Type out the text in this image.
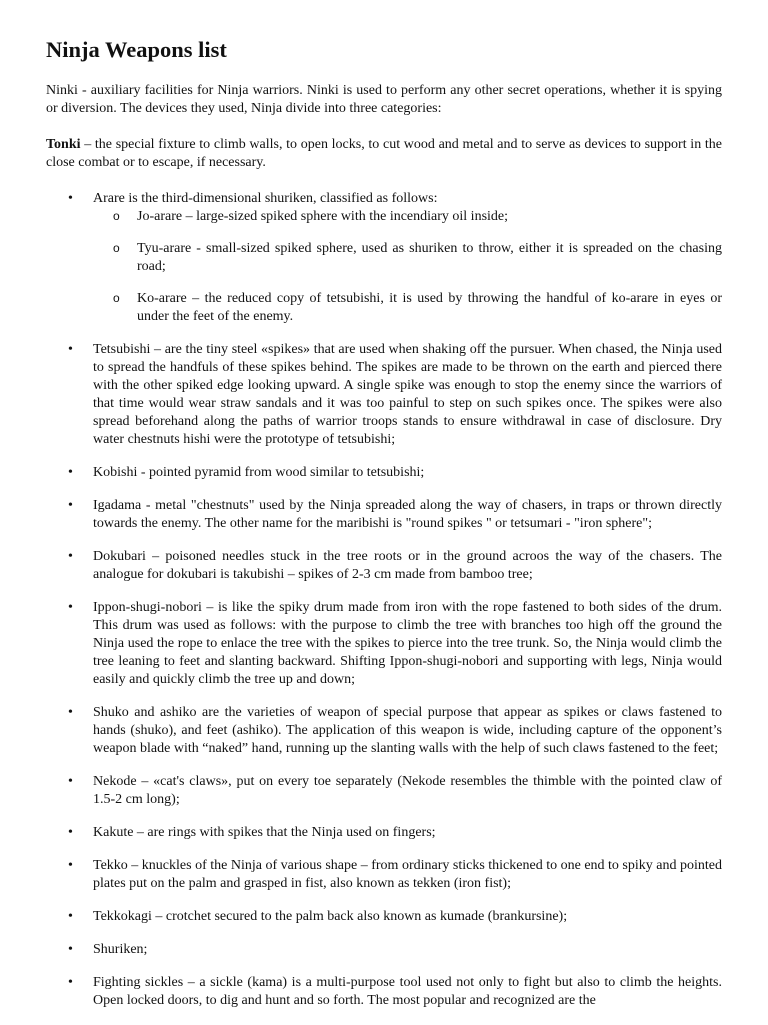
Ninja Weapons list

Ninki - auxiliary facilities for Ninja warriors. Ninki is used to perform any other secret operations, whether it is spying or diversion. The devices they used, Ninja divide into three categories:

Tonki – the special fixture to climb walls, to open locks, to cut wood and metal and to serve as devices to support in the close combat or to escape, if necessary.

• Arare is the third-dimensional shuriken, classified as follows:
o Jo-arare – large-sized spiked sphere with the incendiary oil inside;
o Tyu-arare - small-sized spiked sphere, used as shuriken to throw, either it is spreaded on the chasing road;
o Ko-arare – the reduced copy of tetsubishi, it is used by throwing the handful of ko-arare in eyes or under the feet of the enemy.
• Tetsubishi – are the tiny steel «spikes» that are used when shaking off the pursuer. When chased, the Ninja used to spread the handfuls of these spikes behind. The spikes are made to be thrown on the earth and pierced there with the other spiked edge looking upward. A single spike was enough to stop the enemy since the warriors of that time would wear straw sandals and it was too painful to step on such spikes once. The spikes were also spread beforehand along the paths of warrior troops stands to ensure withdrawal in case of disclosure. Dry water chestnuts hishi were the prototype of tetsubishi;
• Kobishi - pointed pyramid from wood similar to tetsubishi;
• Igadama - metal "chestnuts" used by the Ninja spreaded along the way of chasers, in traps or thrown directly towards the enemy. The other name for the maribishi is "round spikes " or tetsumari - "iron sphere";
• Dokubari – poisoned needles stuck in the tree roots or in the ground acroos the way of the chasers. The analogue for dokubari is takubishi – spikes of 2-3 cm made from bamboo tree;
• Ippon-shugi-nobori – is like the spiky drum made from iron with the rope fastened to both sides of the drum. This drum was used as follows: with the purpose to climb the tree with branches too high off the ground the Ninja used the rope to enlace the tree with the spikes to pierce into the tree trunk. So, the Ninja would climb the tree leaning to feet and slanting backward. Shifting Ippon-shugi-nobori and supporting with legs, Ninja would easily and quickly climb the tree up and down;
• Shuko and ashiko are the varieties of weapon of special purpose that appear as spikes or claws fastened to hands (shuko), and feet (ashiko). The application of this weapon is wide, including capture of the opponent’s weapon blade with “naked” hand, running up the slanting walls with the help of such claws fastened to the feet;
• Nekode – «cat's claws», put on every toe separately (Nekode resembles the thimble with the pointed claw of 1.5-2 cm long);
• Kakute – are rings with spikes that the Ninja used on fingers;
• Tekko – knuckles of the Ninja of various shape – from ordinary sticks thickened to one end to spiky and pointed plates put on the palm and grasped in fist, also known as tekken (iron fist);
• Tekkokagi – crotchet secured to the palm back also known as kumade (brankursine);
• Shuriken;
• Fighting sickles – a sickle (kama) is a multi-purpose tool used not only to fight but also to climb the heights. Open locked doors, to dig and hunt and so forth. The most popular and recognized are the
